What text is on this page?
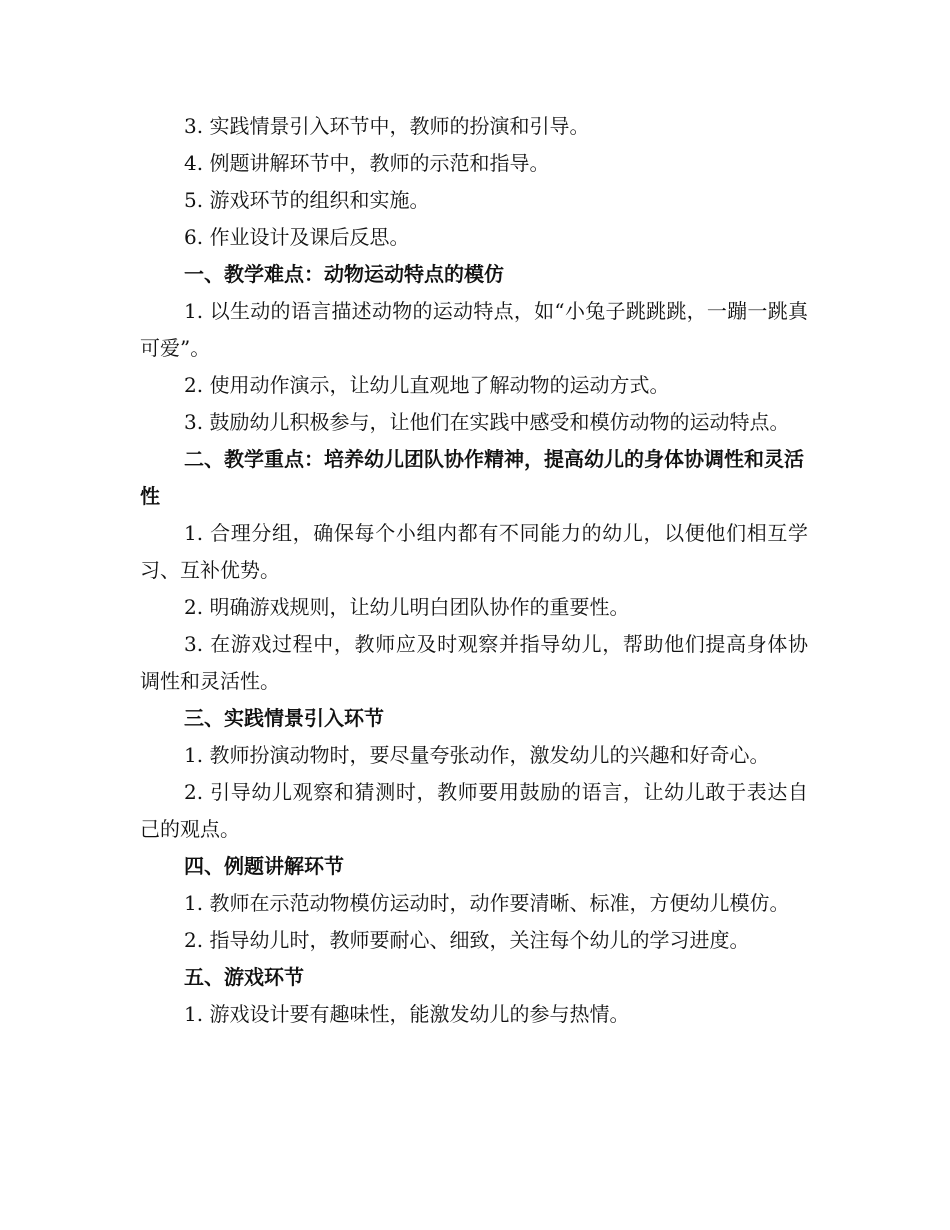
3. 实践情景引入环节中，教师的扮演和引导。

4. 例题讲解环节中，教师的示范和指导。

5. 游戏环节的组织和实施。

6. 作业设计及课后反思。

一、教学难点：动物运动特点的模仿

1. 以生动的语言描述动物的运动特点，如“小兔子跳跳跳，一蹦一跳真可爱”。

2. 使用动作演示，让幼儿直观地了解动物的运动方式。

3. 鼓励幼儿积极参与，让他们在实践中感受和模仿动物的运动特点。

二、教学重点：培养幼儿团队协作精神，提高幼儿的身体协调性和灵活性

1. 合理分组，确保每个小组内都有不同能力的幼儿，以便他们相互学习、互补优势。

2. 明确游戏规则，让幼儿明白团队协作的重要性。

3. 在游戏过程中，教师应及时观察并指导幼儿，帮助他们提高身体协调性和灵活性。

三、实践情景引入环节

1. 教师扮演动物时，要尽量夸张动作，激发幼儿的兴趣和好奇心。

2. 引导幼儿观察和猜测时，教师要用鼓励的语言，让幼儿敢于表达自己的观点。

四、例题讲解环节

1. 教师在示范动物模仿运动时，动作要清晰、标准，方便幼儿模仿。

2. 指导幼儿时，教师要耐心、细致，关注每个幼儿的学习进度。

五、游戏环节

1. 游戏设计要有趣味性，能激发幼儿的参与热情。
